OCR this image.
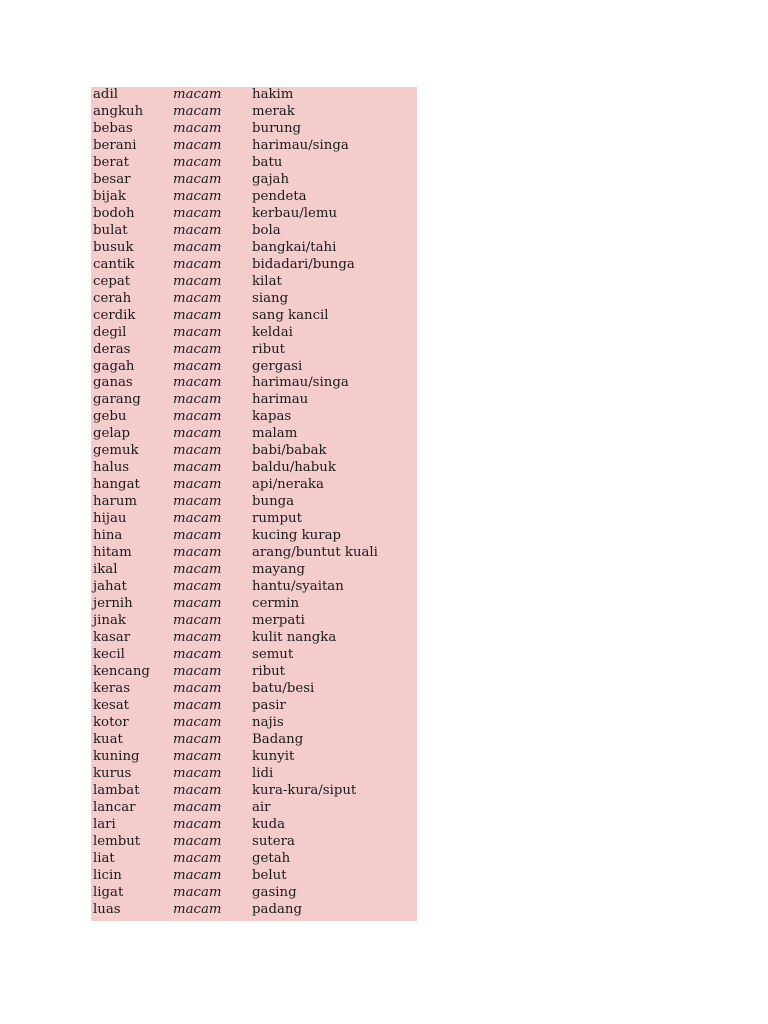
adil	macam hakim
angkuh macam merak
bebas	macam burung
berani	macam harimau/singa
berat	macam batu
besar	macam gajah
bijak	macam pendeta
bodoh	macam kerbau/lemu
bulat	macam bola
busuk	macam bangkai/tahi
cantik	macam bidadari/bunga
cepat	macam kilat
cerah	macam siang
cerdik	macam sang kancil
degil	macam keldai
deras	macam ribut
gagah	macam gergasi
ganas	macam harimau/singa
garang macam harimau
gebu	macam kapas
gelap	macam malam
gemuk	macam babi/babak
halus	macam baldu/habuk
hangat macam api/neraka
harum	macam bunga
hijau	macam rumput
hina	macam kucing kurap
hitam	macam arang/buntut kuali
ikal	macam mayang
jahat	macam hantu/syaitan
jernih	macam cermin
jinak	macam merpati
kasar	macam kulit nangka
kecil	macam semut
kencang macam ribut
keras	macam batu/besi
kesat	macam pasir
kotor	macam najis
kuat	macam Badang
kuning	macam kunyit
kurus	macam lidi
lambat	macam kura-kura/siput
lancar	macam air
lari	macam kuda
lembut macam sutera
liat	macam getah
licin	macam belut
ligat	macam gasing
luas	macam padang
